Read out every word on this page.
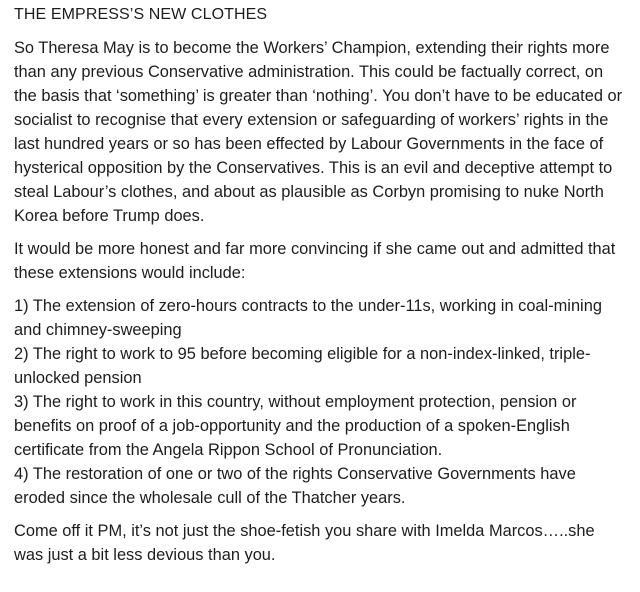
THE EMPRESS’S NEW CLOTHES

So Theresa May is to become the Workers’ Champion, extending their rights more than any previous Conservative administration. This could be factually correct, on the basis that ‘something’ is greater than ‘nothing’. You don’t have to be educated or socialist to recognise that every extension or safeguarding of workers’ rights in the last hundred years or so has been effected by Labour Governments in the face of hysterical opposition by the Conservatives. This is an evil and deceptive attempt to steal Labour’s clothes, and about as plausible as Corbyn promising to nuke North Korea before Trump does.

It would be more honest and far more convincing if she came out and admitted that these extensions would include:

1) The extension of zero-hours contracts to the under-11s, working in coal-mining and chimney-sweeping

2) The right to work to 95 before becoming eligible for a non-index-linked, triple-unlocked pension

3) The right to work in this country, without employment protection, pension or benefits on proof of a job-opportunity and the production of a spoken-English certificate from the Angela Rippon School of Pronunciation.

4) The restoration of one or two of the rights Conservative Governments have eroded since the wholesale cull of the Thatcher years.

Come off it PM, it’s not just the shoe-fetish you share with Imelda Marcos…..she was just a bit less devious than you.
